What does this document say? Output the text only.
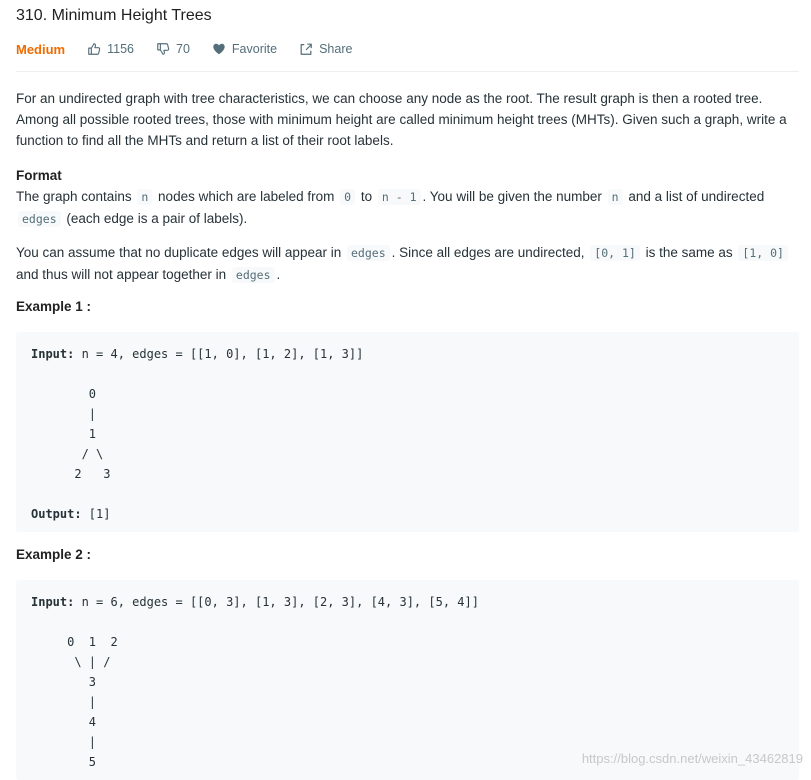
310. Minimum Height Trees
Medium	1156	70	Favorite	Share
For an undirected graph with tree characteristics, we can choose any node as the root. The result graph is then a rooted tree. Among all possible rooted trees, those with minimum height are called minimum height trees (MHTs). Given such a graph, write a function to find all the MHTs and return a list of their root labels.
Format
The graph contains n nodes which are labeled from 0 to n - 1 . You will be given the number n and a list of undirected edges (each edge is a pair of labels).
You can assume that no duplicate edges will appear in edges . Since all edges are undirected, [0, 1] is the same as [1, 0] and thus will not appear together in edges .
Example 1 :
Input: n = 4, edges = [[1, 0], [1, 2], [1, 3]]

0
|
1
/ \
2   3

Output: [1]
Example 2 :
Input: n = 6, edges = [[0, 3], [1, 3], [2, 3], [4, 3], [5, 4]]

0  1  2
\ | /
3
|
4
|
5	https://blog.csdn.net/weixin_43462819
